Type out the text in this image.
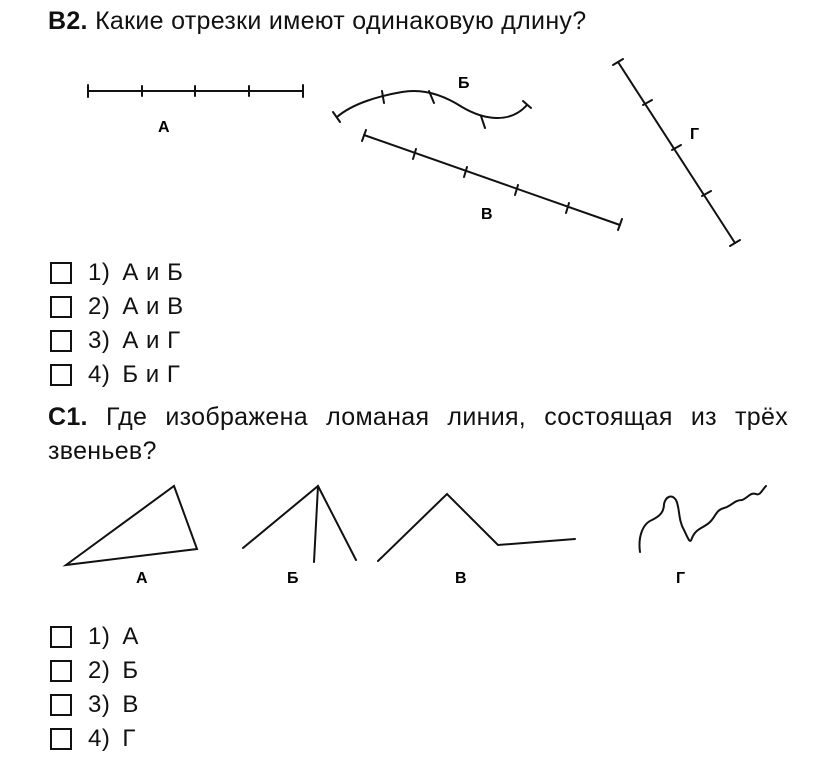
B2. Какие отрезки имеют одинаковую длину?
А
Б
В
Г
1) А и Б
2) А и В
3) А и Г
4) Б и Г
С1. Где изображена ломаная линия, состоящая из трёх
звеньев?
А	Б	В	Г
1) А
2) Б
3) В
4) Г
